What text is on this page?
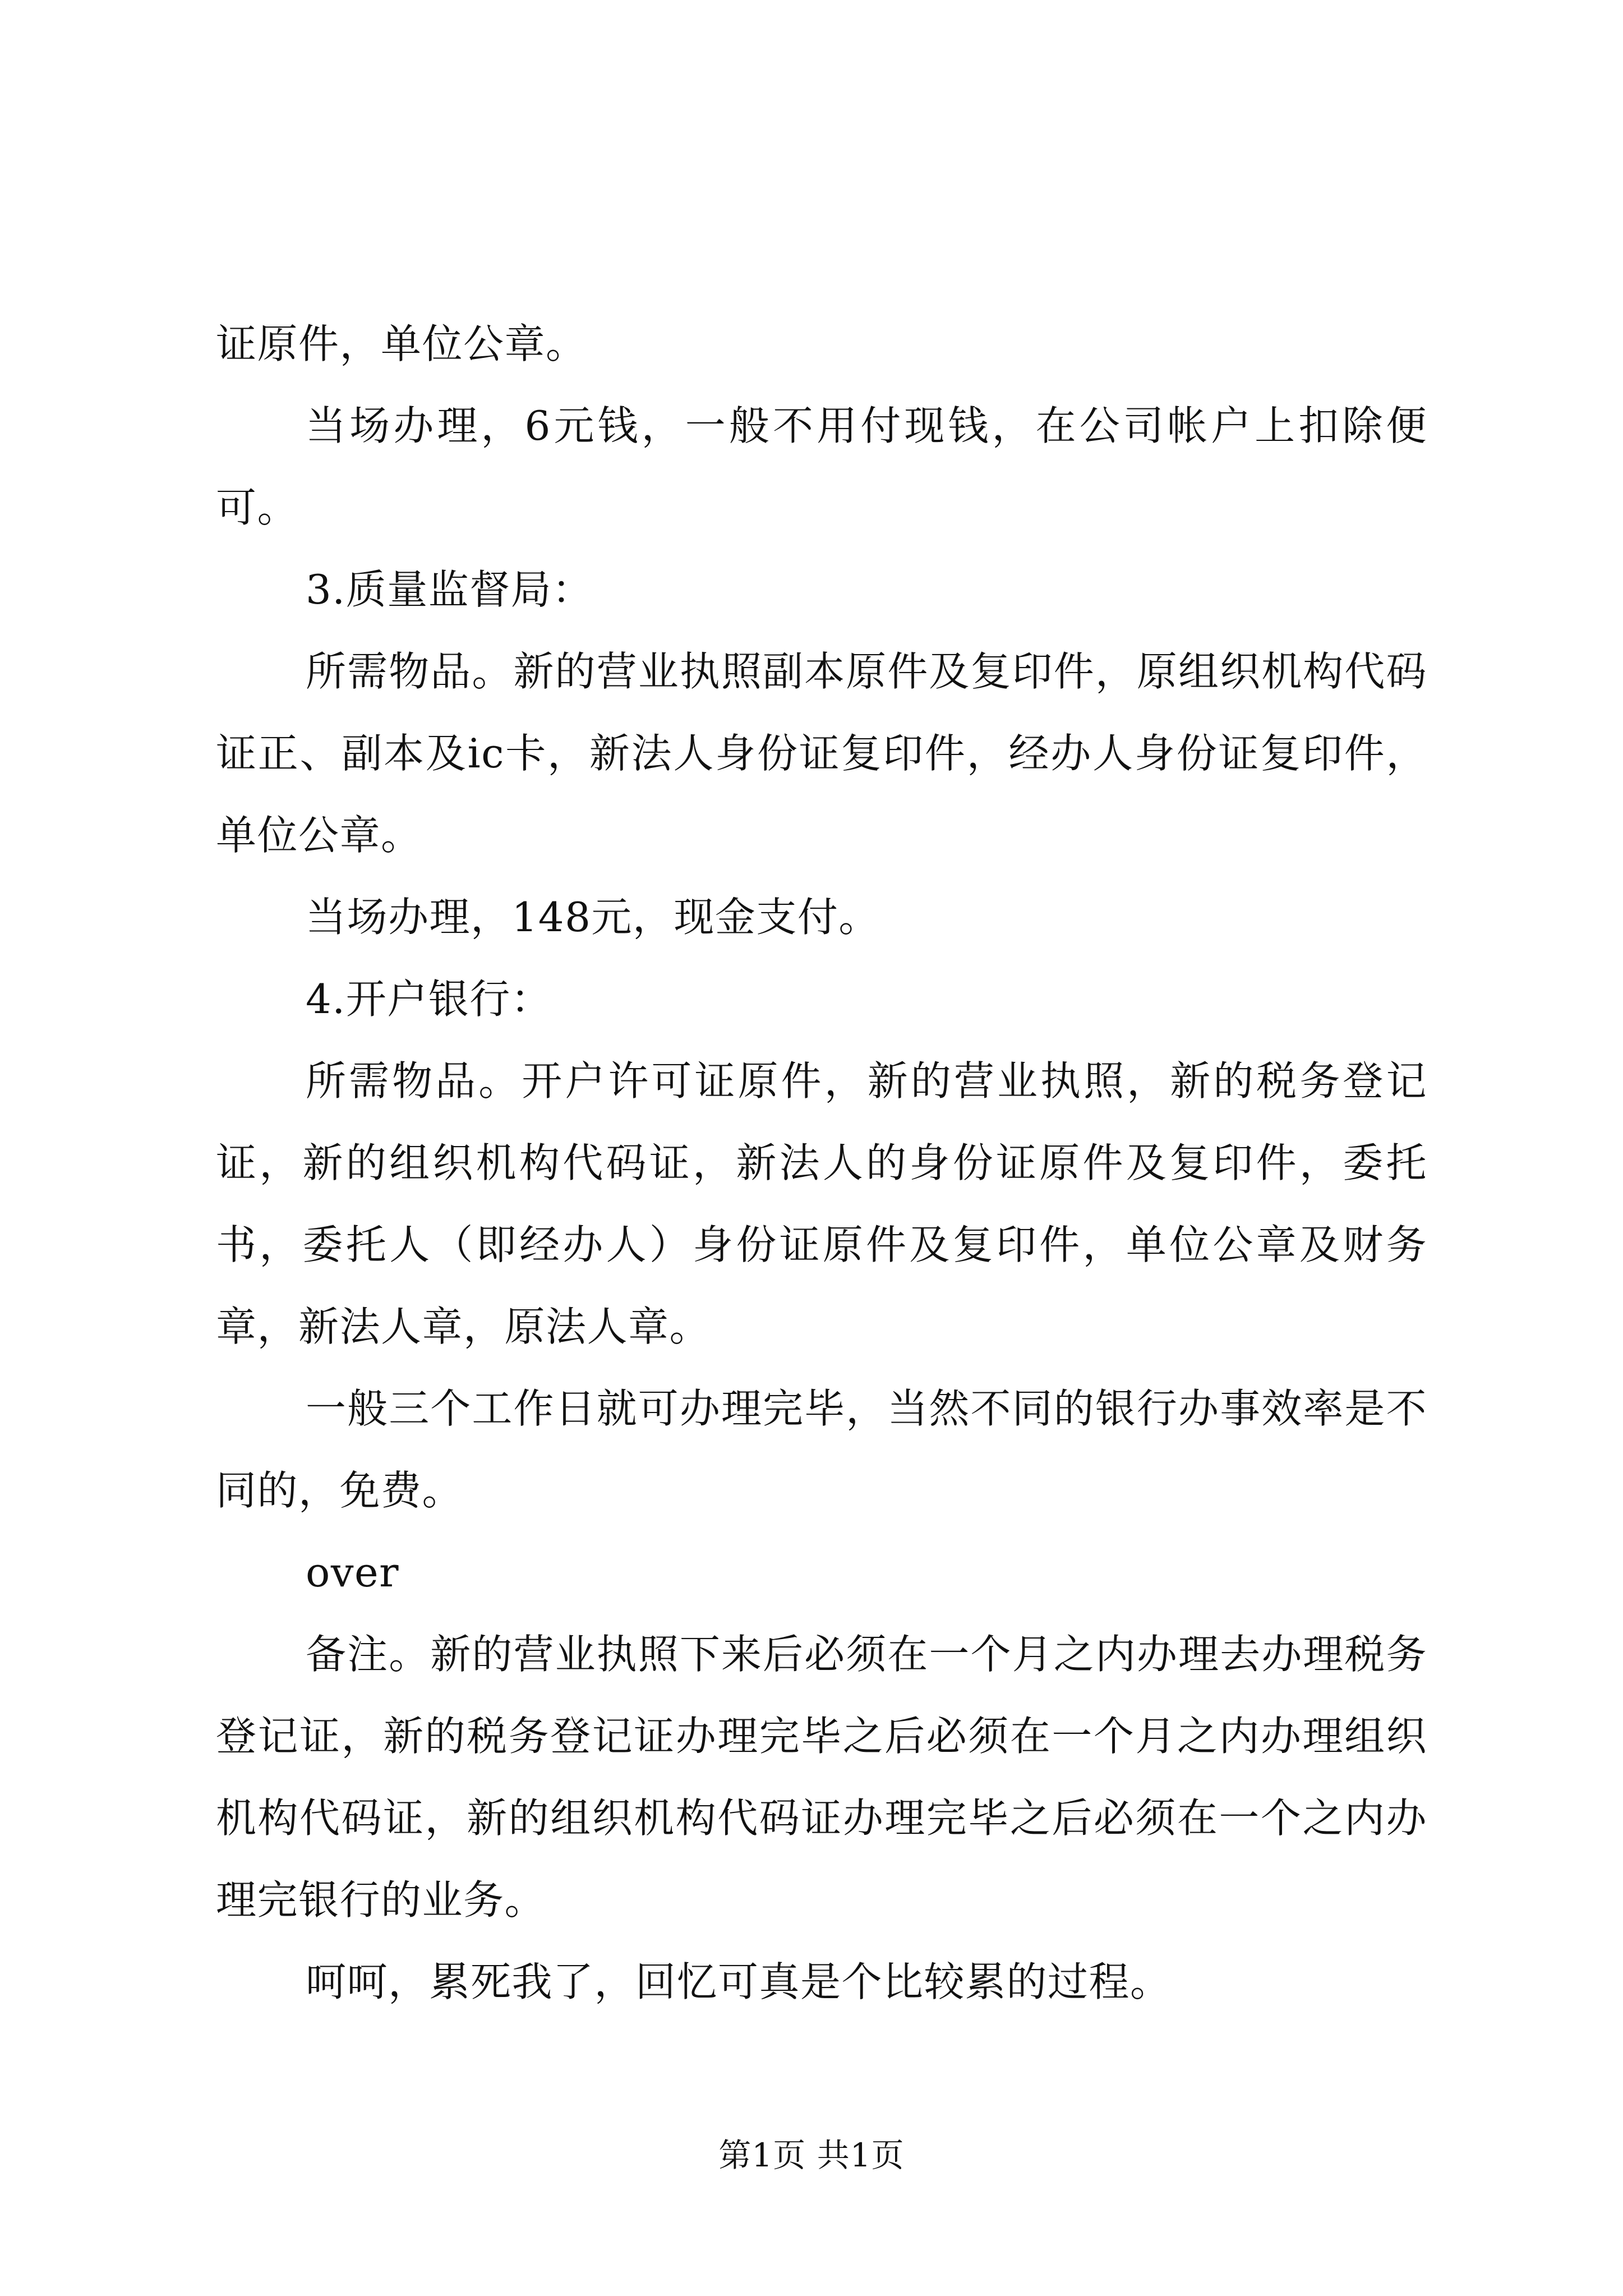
证原件，单位公章。

当场办理，6元钱，一般不用付现钱，在公司帐户上扣除便可。

3.质量监督局：

所需物品。新的营业执照副本原件及复印件，原组织机构代码证正、副本及ic卡，新法人身份证复印件，经办人身份证复印件，单位公章。

当场办理，148元，现金支付。

4.开户银行：

所需物品。开户许可证原件，新的营业执照，新的税务登记证，新的组织机构代码证，新法人的身份证原件及复印件，委托书，委托人（即经办人）身份证原件及复印件，单位公章及财务章，新法人章，原法人章。

一般三个工作日就可办理完毕，当然不同的银行办事效率是不同的，免费。

over

备注。新的营业执照下来后必须在一个月之内办理去办理税务登记证，新的税务登记证办理完毕之后必须在一个月之内办理组织机构代码证，新的组织机构代码证办理完毕之后必须在一个之内办理完银行的业务。

呵呵，累死我了，回忆可真是个比较累的过程。

第1页 共1页
